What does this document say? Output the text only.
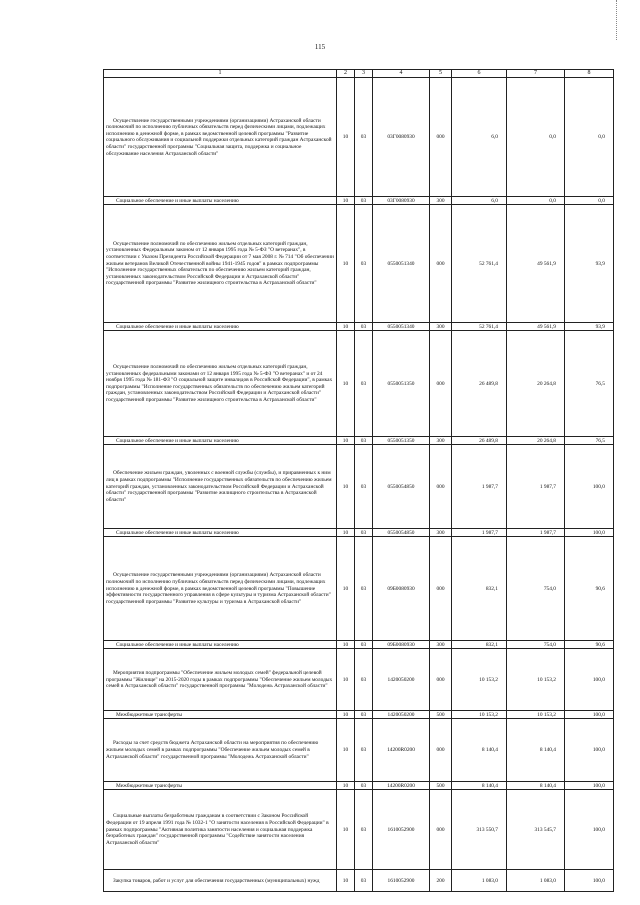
115
1	2	3	4	5	6	7	8
Осуществление государственными учреждениями (организациями) Астраханской области полномочий по исполнению публичных обязательств перед физическими лицами, подлежащих исполнению в денежной форме, в рамках ведомственной целевой программы "Развитие социального обслуживания и социальной поддержки отдельных категорий граждан Астраханской области" государственной программы "Социальная защита, поддержка и социальное обслуживание населения Астраханской области"	10	03	03Г0080930	000	6,0	0,0	0,0
Социальное обеспечение и иные выплаты населению	10	03	03Г0080930	300	6,0	0,0	0,0
Осуществление полномочий по обеспечению жильем отдельных категорий граждан, установленных Федеральным законом от 12 января 1995 года № 5-ФЗ "О ветеранах", в соответствии с Указом Президента Российской Федерации от 7 мая 2008 г. № 714 "Об обеспечении жильем ветеранов Великой Отечественной войны 1941-1945 годов" в рамках подпрограммы "Исполнение государственных обязательств по обеспечению жильем категорий граждан, установленных законодательством Российской Федерации и Астраханской области" государственной программы "Развитие жилищного строительства в Астраханской области"	10	03	0550051340	000	52 761,4	49 561,9	93,9
Социальное обеспечение и иные выплаты населению	10	03	0550051340	300	52 761,4	49 561,9	93,9
Осуществление полномочий по обеспечению жильем отдельных категорий граждан, установленных федеральными законами от 12 января 1995 года № 5-ФЗ "О ветеранах" и от 24 ноября 1995 года № 181-ФЗ "О социальной защите инвалидов в Российской Федерации", в рамках подпрограммы "Исполнение государственных обязательств по обеспечению жильем категорий граждан, установленных законодательством Российской Федерации и Астраханской области" государственной программы "Развитие жилищного строительства в Астраханской области"	10	03	0550051350	000	26 489,8	20 264,8	76,5
Социальное обеспечение и иные выплаты населению	10	03	0550051350	300	26 489,8	20 264,8	76,5
Обеспечение жильем граждан, уволенных с военной службы (службы), и приравненных к ним лиц в рамках подпрограммы "Исполнение государственных обязательств по обеспечению жильем категорий граждан, установленных законодательством Российской Федерации и Астраханской области" государственной программы "Развитие жилищного строительства в Астраханской области"	10	03	0550054850	000	1 987,7	1 987,7	100,0
Социальное обеспечение и иные выплаты населению	10	03	0550054850	300	1 987,7	1 987,7	100,0
Осуществление государственными учреждениями (организациями) Астраханской области полномочий по исполнению публичных обязательств перед физическими лицами, подлежащих исполнению в денежной форме, в рамках ведомственной целевой программы "Повышение эффективности государственного управления в сфере культуры и туризма Астраханской области" государственной программы "Развитие культуры и туризма в Астраханской области"	10	03	09Б0080930	000	832,1	754,0	90,6
Социальное обеспечение и иные выплаты населению	10	03	09Б0080930	300	832,1	754,0	90,6
Мероприятия подпрограммы "Обеспечение жильем молодых семей" федеральной целевой программы "Жилище" на 2015-2020 годы в рамках подпрограммы "Обеспечение жильем молодых семей в Астраханской области" государственной программы "Молодежь Астраханской области"	10	03	1420050200	000	10 153,2	10 153,2	100,0
Межбюджетные трансферты	10	03	1420050200	500	10 153,2	10 153,2	100,0
Расходы за счет средств бюджета Астраханской области на мероприятия по обеспечению жильем молодых семей в рамках подпрограммы "Обеспечение жильем молодых семей в Астраханской области" государственной программы "Молодежь Астраханской области"	10	03	14200R0200	000	8 140,4	8 140,4	100,0
Межбюджетные трансферты	10	03	14200R0200	500	8 140,4	8 140,4	100,0
Социальные выплаты безработным гражданам в соответствии с Законом Российской Федерации от 19 апреля 1991 года № 1032-1 "О занятости населения в Российской Федерации" в рамках подпрограммы "Активная политика занятости населения и социальная поддержка безработных граждан" государственной программы "Содействие занятости населения Астраханской области"	10	03	1610052900	000	313 550,7	313 545,7	100,0
Закупка товаров, работ и услуг для обеспечения государственных (муниципальных) нужд	10	03	1610052900	200	1 083,0	1 083,0	100,0
